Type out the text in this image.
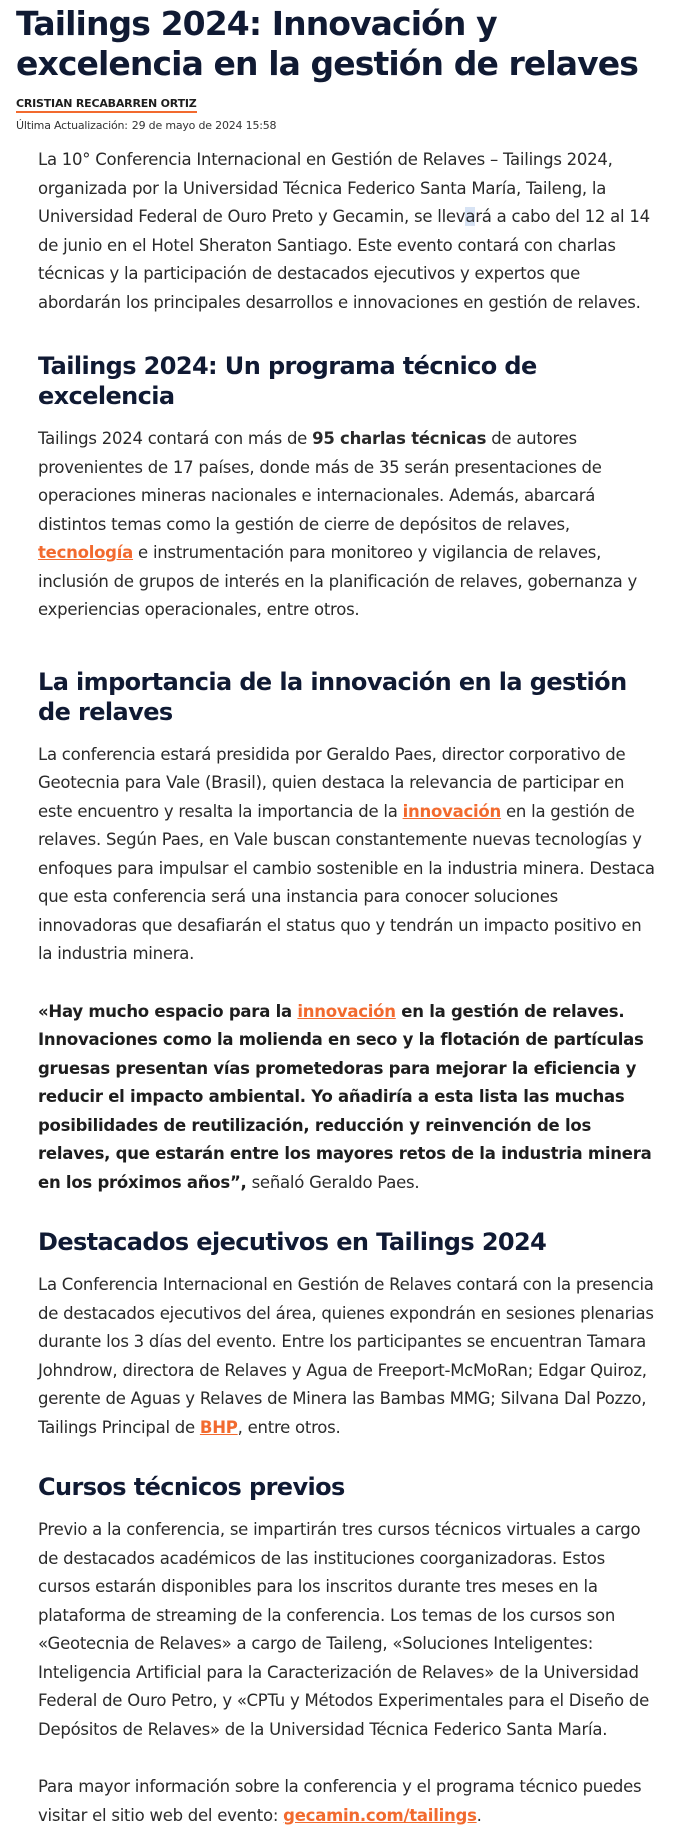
Tailings 2024: Innovación y excelencia en la gestión de relaves
CRISTIAN RECABARREN ORTIZ
Última Actualización: 29 de mayo de 2024 15:58

La 10° Conferencia Internacional en Gestión de Relaves – Tailings 2024, organizada por la Universidad Técnica Federico Santa María, Taileng, la Universidad Federal de Ouro Preto y Gecamin, se llevará a cabo del 12 al 14 de junio en el Hotel Sheraton Santiago. Este evento contará con charlas técnicas y la participación de destacados ejecutivos y expertos que abordarán los principales desarrollos e innovaciones en gestión de relaves.

Tailings 2024: Un programa técnico de excelencia

Tailings 2024 contará con más de 95 charlas técnicas de autores provenientes de 17 países, donde más de 35 serán presentaciones de operaciones mineras nacionales e internacionales. Además, abarcará distintos temas como la gestión de cierre de depósitos de relaves, tecnología e instrumentación para monitoreo y vigilancia de relaves, inclusión de grupos de interés en la planificación de relaves, gobernanza y experiencias operacionales, entre otros.

La importancia de la innovación en la gestión de relaves

La conferencia estará presidida por Geraldo Paes, director corporativo de Geotecnia para Vale (Brasil), quien destaca la relevancia de participar en este encuentro y resalta la importancia de la innovación en la gestión de relaves. Según Paes, en Vale buscan constantemente nuevas tecnologías y enfoques para impulsar el cambio sostenible en la industria minera. Destaca que esta conferencia será una instancia para conocer soluciones innovadoras que desafiarán el status quo y tendrán un impacto positivo en la industria minera.

«Hay mucho espacio para la innovación en la gestión de relaves. Innovaciones como la molienda en seco y la flotación de partículas gruesas presentan vías prometedoras para mejorar la eficiencia y reducir el impacto ambiental. Yo añadiría a esta lista las muchas posibilidades de reutilización, reducción y reinvención de los relaves, que estarán entre los mayores retos de la industria minera en los próximos años”, señaló Geraldo Paes.

Destacados ejecutivos en Tailings 2024

La Conferencia Internacional en Gestión de Relaves contará con la presencia de destacados ejecutivos del área, quienes expondrán en sesiones plenarias durante los 3 días del evento. Entre los participantes se encuentran Tamara Johndrow, directora de Relaves y Agua de Freeport-McMoRan; Edgar Quiroz, gerente de Aguas y Relaves de Minera las Bambas MMG; Silvana Dal Pozzo, Tailings Principal de BHP, entre otros.

Cursos técnicos previos

Previo a la conferencia, se impartirán tres cursos técnicos virtuales a cargo de destacados académicos de las instituciones coorganizadoras. Estos cursos estarán disponibles para los inscritos durante tres meses en la plataforma de streaming de la conferencia. Los temas de los cursos son «Geotecnia de Relaves» a cargo de Taileng, «Soluciones Inteligentes: Inteligencia Artificial para la Caracterización de Relaves» de la Universidad Federal de Ouro Petro, y «CPTu y Métodos Experimentales para el Diseño de Depósitos de Relaves» de la Universidad Técnica Federico Santa María.

Para mayor información sobre la conferencia y el programa técnico puedes visitar el sitio web del evento: gecamin.com/tailings.
